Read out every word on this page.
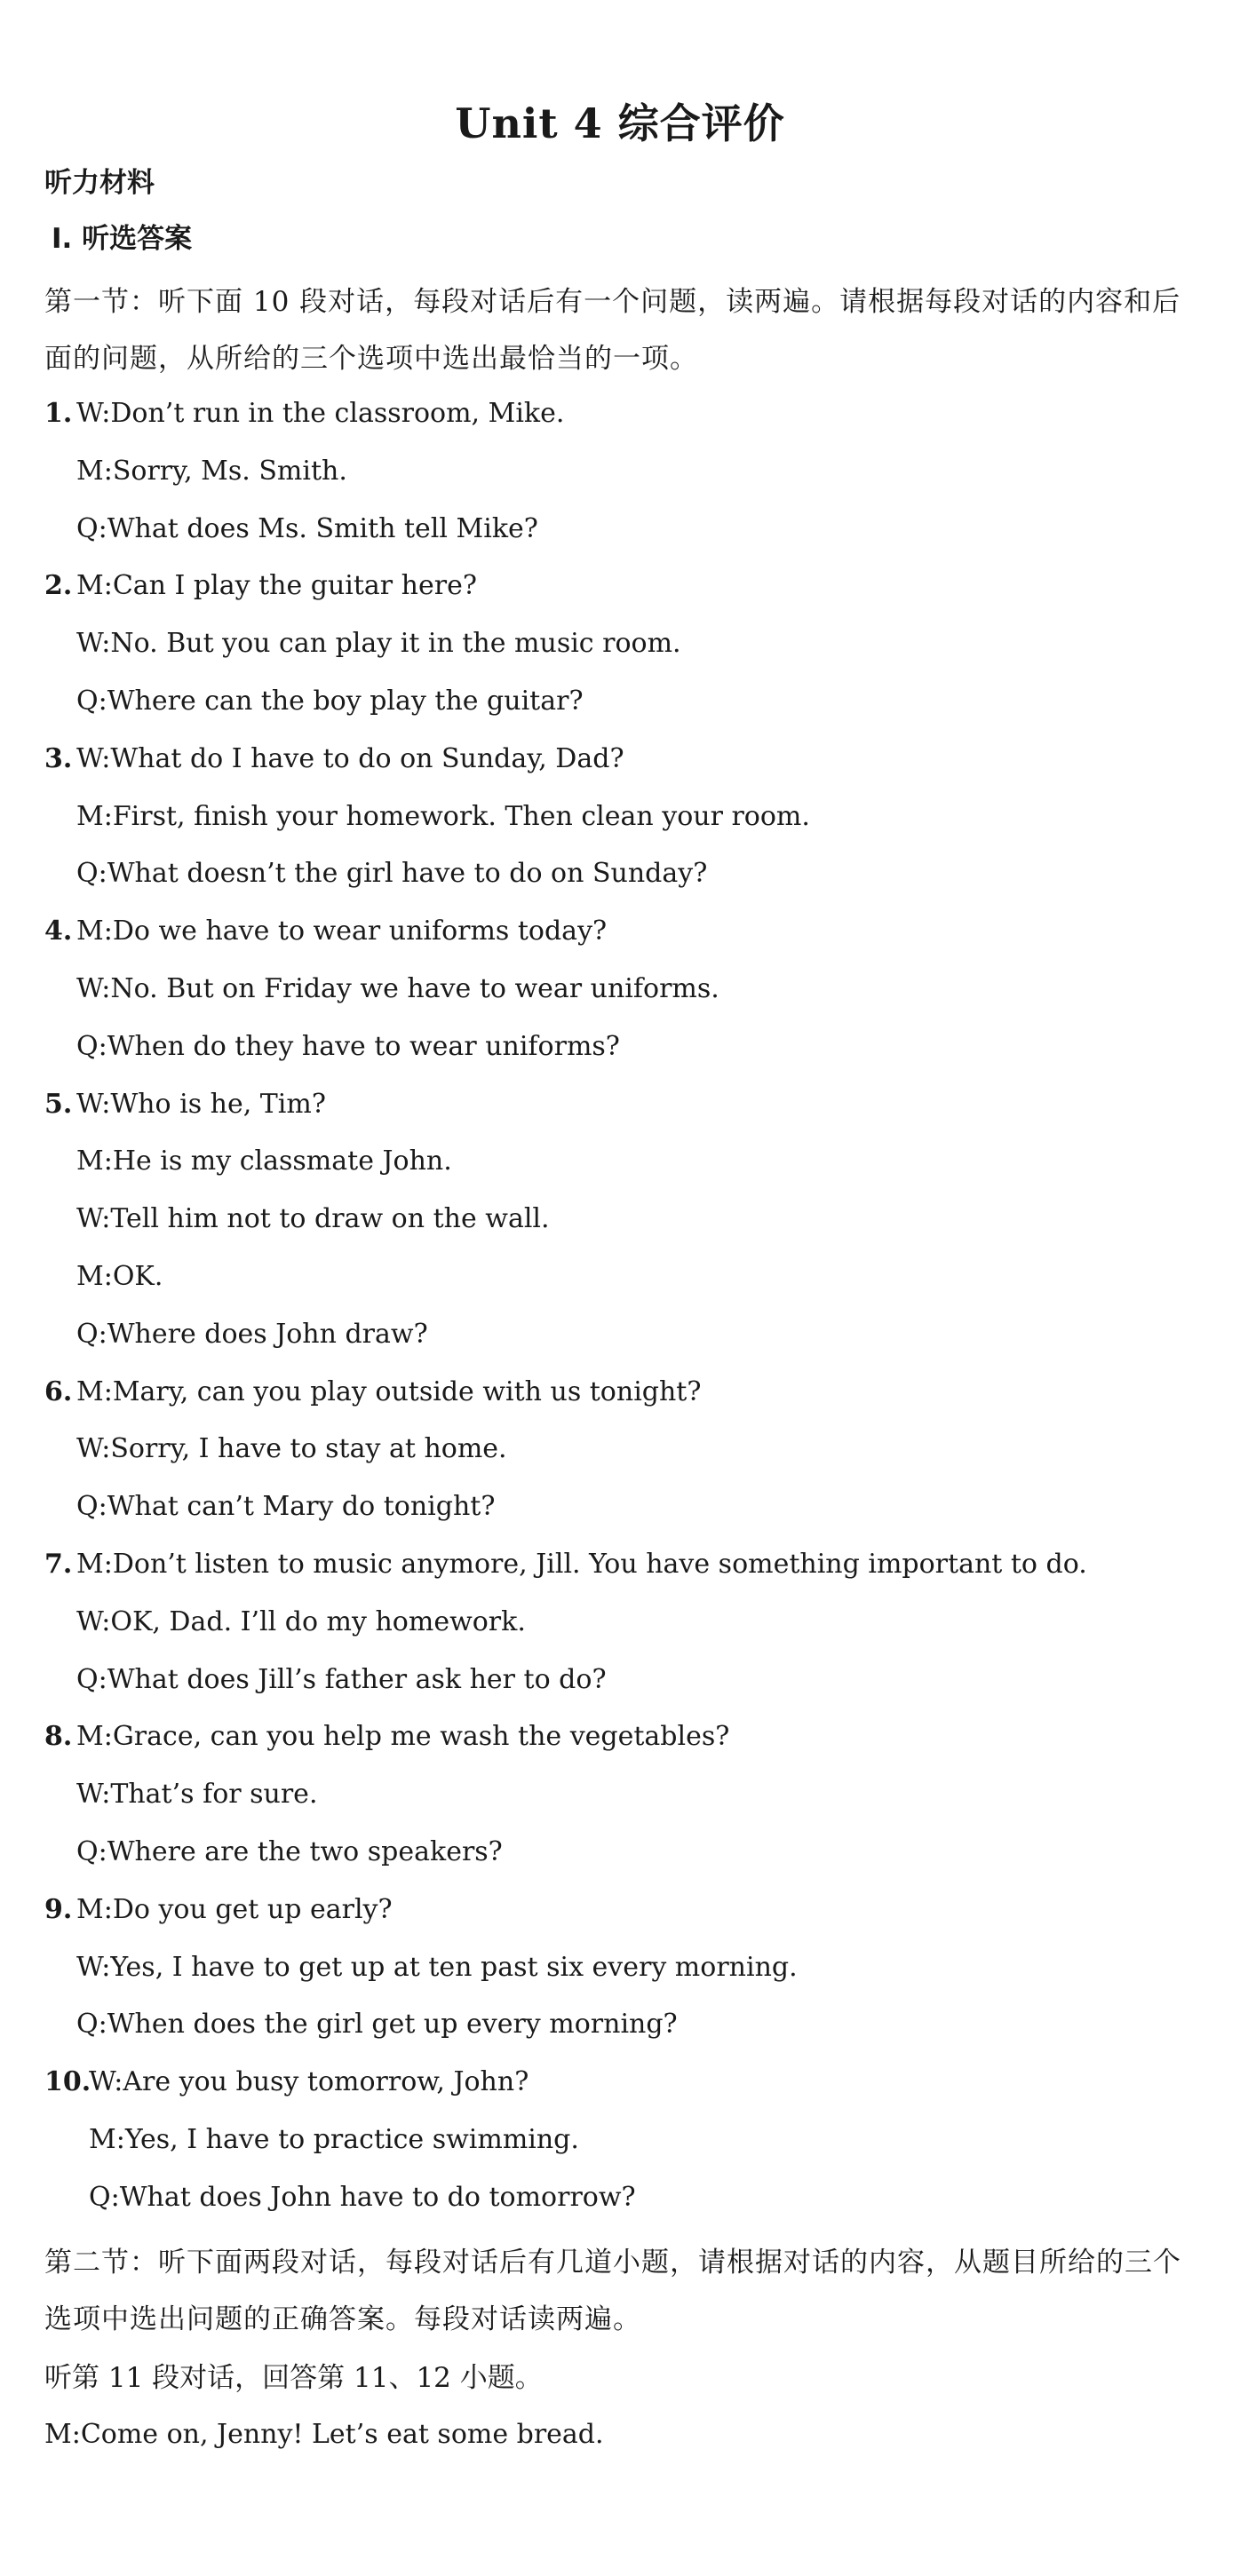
Unit 4 综合评价
听力材料
Ⅰ. 听选答案
第一节：听下面 10 段对话，每段对话后有一个问题，读两遍。请根据每段对话的内容和后面的问题，从所给的三个选项中选出最恰当的一项。
1. W:Don’t run in the classroom, Mike.
M:Sorry, Ms. Smith.
Q:What does Ms. Smith tell Mike?
2. M:Can I play the guitar here?
W:No. But you can play it in the music room.
Q:Where can the boy play the guitar?
3. W:What do I have to do on Sunday, Dad?
M:First, finish your homework. Then clean your room.
Q:What doesn’t the girl have to do on Sunday?
4. M:Do we have to wear uniforms today?
W:No. But on Friday we have to wear uniforms.
Q:When do they have to wear uniforms?
5. W:Who is he, Tim?
M:He is my classmate John.
W:Tell him not to draw on the wall.
M:OK.
Q:Where does John draw?
6. M:Mary, can you play outside with us tonight?
W:Sorry, I have to stay at home.
Q:What can’t Mary do tonight?
7. M:Don’t listen to music anymore, Jill. You have something important to do.
W:OK, Dad. I’ll do my homework.
Q:What does Jill’s father ask her to do?
8. M:Grace, can you help me wash the vegetables?
W:That’s for sure.
Q:Where are the two speakers?
9. M:Do you get up early?
W:Yes, I have to get up at ten past six every morning.
Q:When does the girl get up every morning?
10.W:Are you busy tomorrow, John?
M:Yes, I have to practice swimming.
Q:What does John have to do tomorrow?
第二节：听下面两段对话，每段对话后有几道小题，请根据对话的内容，从题目所给的三个选项中选出问题的正确答案。每段对话读两遍。
听第 11 段对话，回答第 11、12 小题。
M:Come on, Jenny! Let’s eat some bread.
